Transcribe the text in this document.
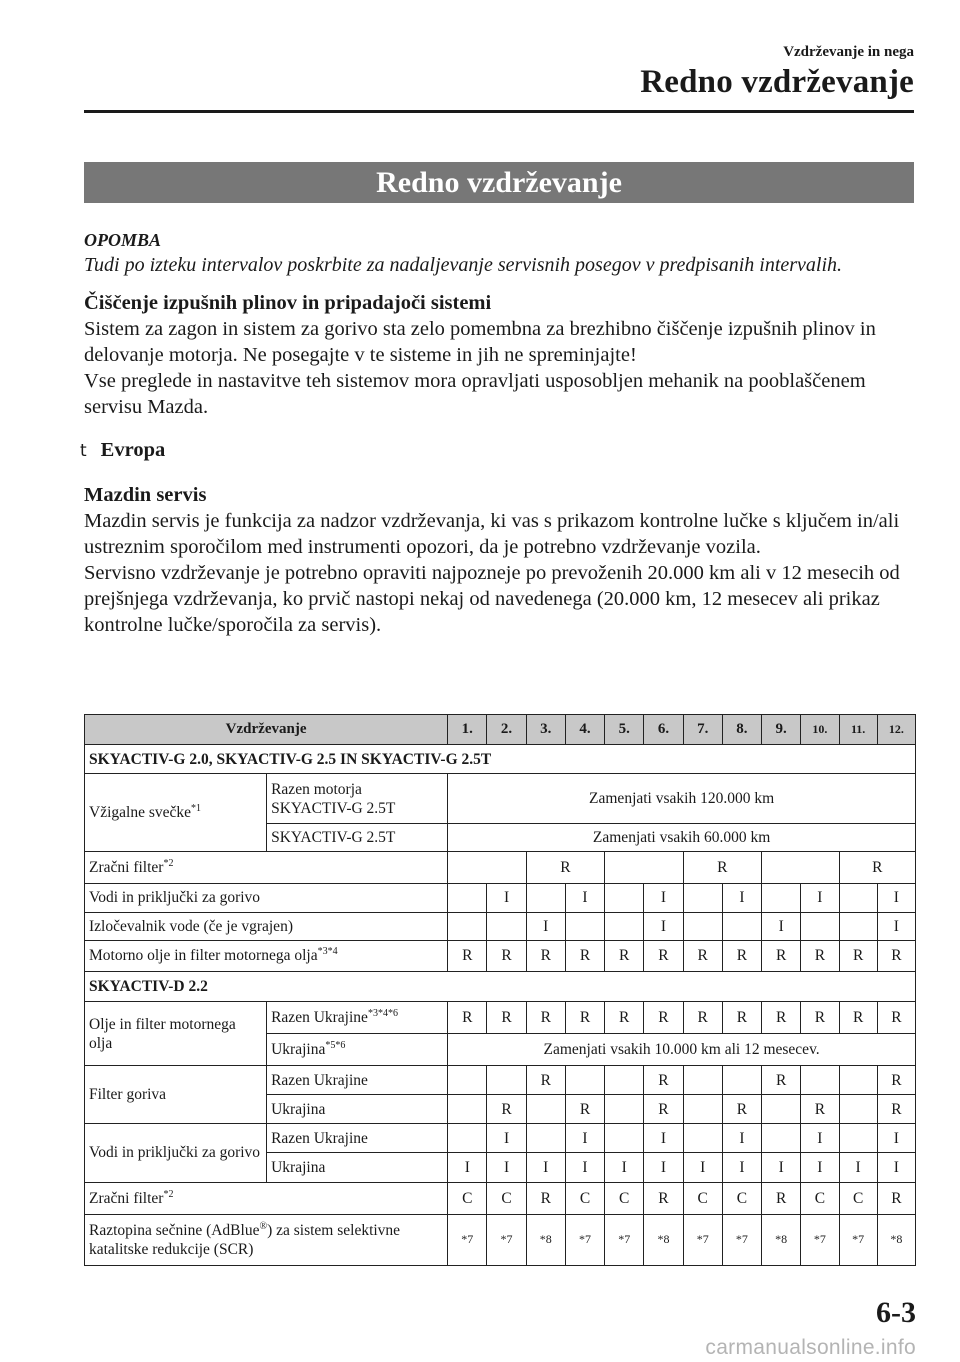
Vzdrževanje in nega
Redno vzdrževanje
Redno vzdrževanje
OPOMBA

Tudi po izteku intervalov poskrbite za nadaljevanje servisnih posegov v predpisanih intervalih.

Čiščenje izpušnih plinov in pripadajoči sistemi

Sistem za zagon in sistem za gorivo sta zelo pomembna za brezhibno čiščenje izpušnih plinov in delovanje motorja. Ne posegajte v te sisteme in jih ne spreminjajte!

Vse preglede in nastavitve teh sistemov mora opravljati usposobljen mehanik na pooblaščenem servisu Mazda.

t Evropa
Mazdin servis

Mazdin servis je funkcija za nadzor vzdrževanja, ki vas s prikazom kontrolne lučke s ključem in/ali ustreznim sporočilom med instrumenti opozori, da je potrebno vzdrževanje vozila.

Servisno vzdrževanje je potrebno opraviti najpozneje po prevoženih 20.000 km ali v 12 mesecih od prejšnjega vzdrževanja, ko prvič nastopi nekaj od navedenega (20.000 km, 12 mesecev ali prikaz kontrolne lučke/sporočila za servis).

Vzdrževanje		1.	2.	3.	4.	5.	6.	7.	8.	9.	10.	11.	12.
SKYACTIV-G 2.0, SKYACTIV-G 2.5 IN SKYACTIV-G 2.5T													
Vžigalne svečke$^{*1}$	Razen motorja SKYACTIV-G 2.5T	Zamenjati vsakih 120.000 km											
	SKYACTIV-G 2.5T	Zamenjati vsakih 60.000 km											
Zračni filter$^{*2}$				R				R				R	
Vodi in priključki za gorivo			I		I		I		I		I		I
Izločevalnik vode (če je vgrajen)				I			I			I			I
Motorno olje in filter motornega olja$^{*3*4}$		R	R	R	R	R	R	R	R	R	R	R	R
SKYACTIV-D 2.2													
Olje in filter motornega olja	Razen Ukrajine$^{*3*4*6}$	R	R	R	R	R	R	R	R	R	R	R	R
	Ukrajina$^{*5*6}$	Zamenjati vsakih 10.000 km ali 12 mesecev.											
Filter goriva	Razen Ukrajine			R			R			R			R
	Ukrajina		R		R		R		R		R		R
Vodi in priključki za gorivo	Razen Ukrajine		I		I		I		I		I		I
	Ukrajina	I	I	I	I	I	I	I	I	I	I	I	I
Zračni filter$^{*2}$		C	C	R	C	C	R	C	C	R	C	C	R
Raztopina sečnine (AdBlue®) za sistem selektivne katalitske redukcije (SCR)		*7	*7	*8	*7	*7	*8	*7	*7	*8	*7	*7	*8
6-3
carmanualsonline.info
